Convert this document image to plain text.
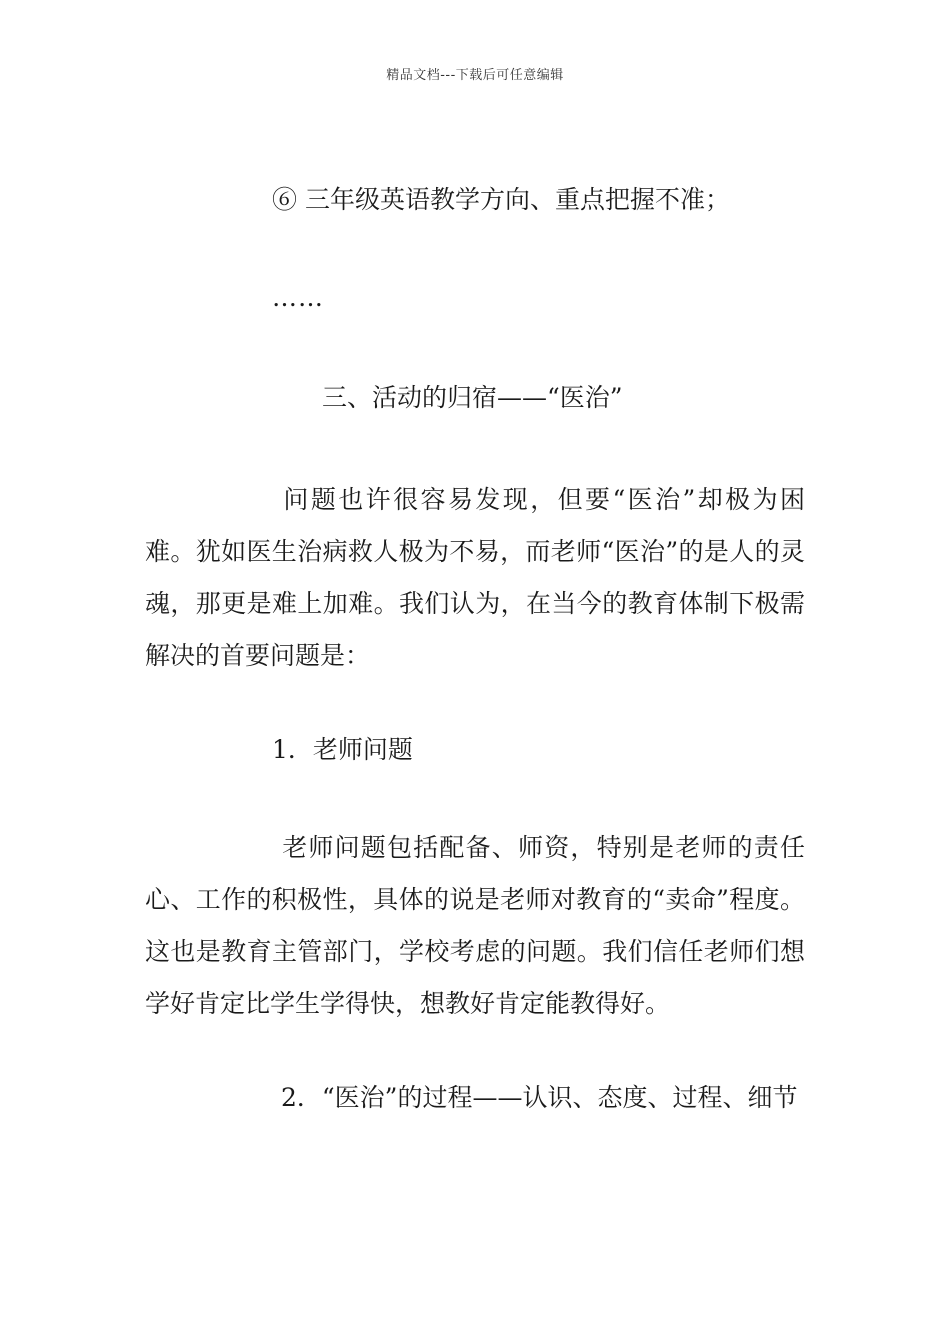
精品文档---下载后可任意编辑
⑥ 三年级英语教学方向、重点把握不准；
……
三、活动的归宿——“医治”
问题也许很容易发现，但要“医治”却极为困难。犹如医生治病救人极为不易，而老师“医治”的是人的灵魂，那更是难上加难。我们认为，在当今的教育体制下极需解决的首要问题是：
1．老师问题
老师问题包括配备、师资，特别是老师的责任心、工作的积极性，具体的说是老师对教育的“卖命”程度。这也是教育主管部门，学校考虑的问题。我们信任老师们想学好肯定比学生学得快，想教好肯定能教得好。
2．“医治”的过程——认识、态度、过程、细节
